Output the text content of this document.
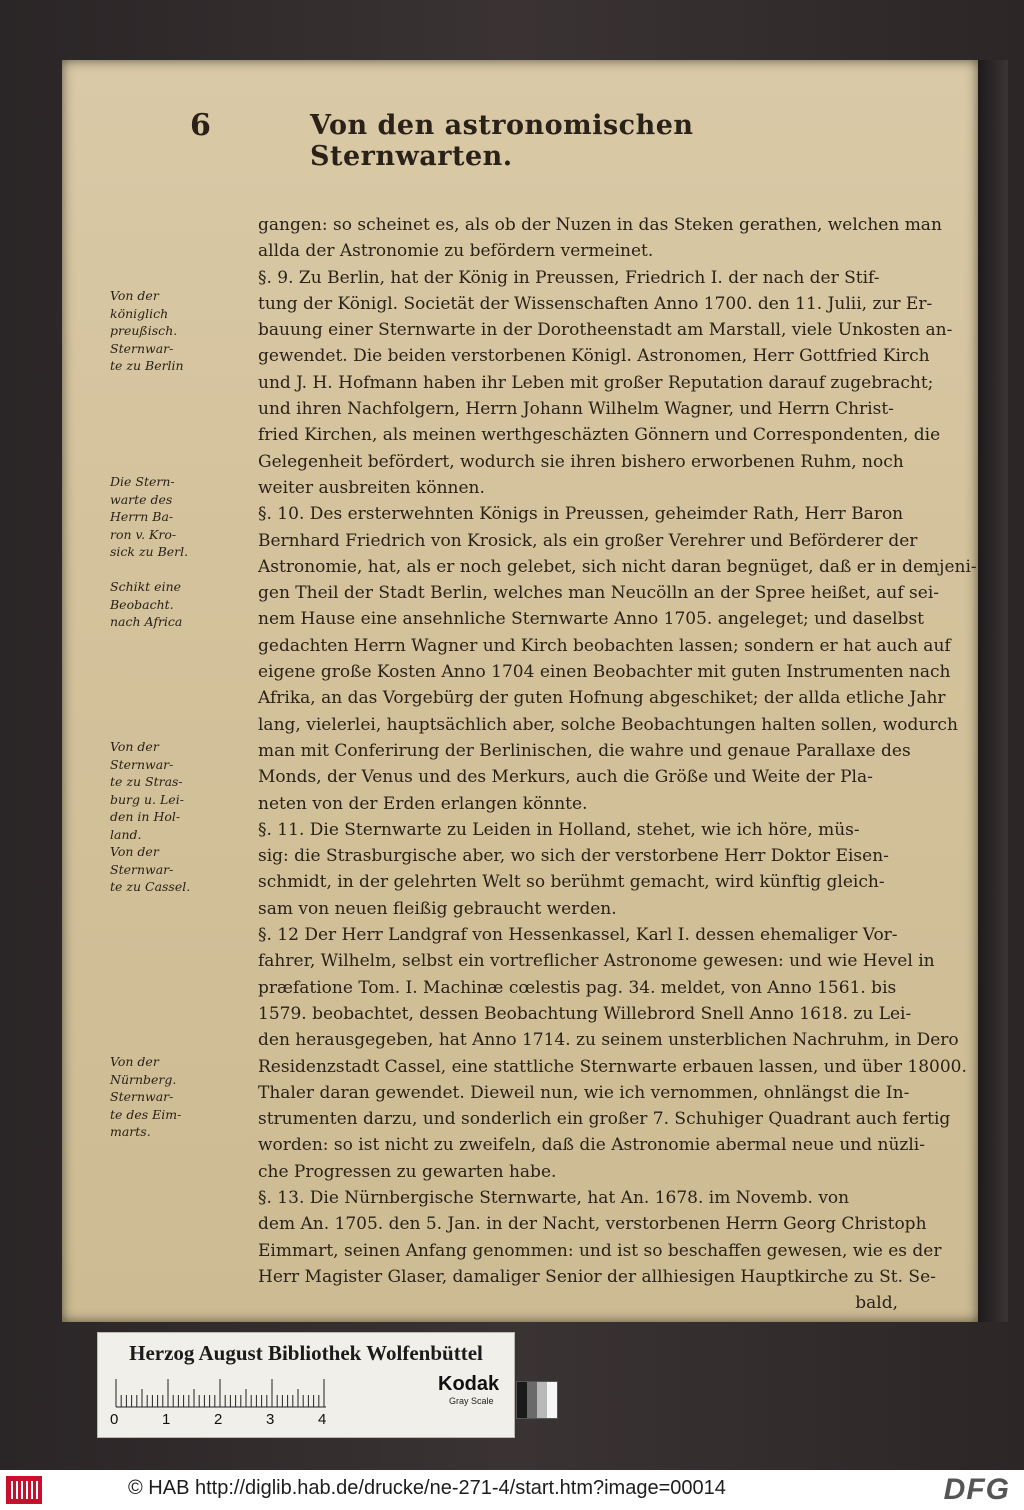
6	Von den astronomischen Sternwarten.
gangen: so scheinet es, als ob der Nuzen in das Steken gerathen, welchen man
allda der Astronomie zu befördern vermeinet.
§. 9. Zu Berlin, hat der König in Preussen, Friedrich I. der nach der Stif-
tung der Königl. Societät der Wissenschaften Anno 1700. den 11. Julii, zur Er-
bauung einer Sternwarte in der Dorotheenstadt am Marstall, viele Unkosten an-
gewendet. Die beiden verstorbenen Königl. Astronomen, Herr Gottfried Kirch
und J. H. Hofmann haben ihr Leben mit großer Reputation darauf zugebracht;
und ihren Nachfolgern, Herrn Johann Wilhelm Wagner, und Herrn Christ-
fried Kirchen, als meinen werthgeschäzten Gönnern und Correspondenten, die
Gelegenheit befördert, wodurch sie ihren bishero erworbenen Ruhm, noch
weiter ausbreiten können.
§. 10. Des ersterwehnten Königs in Preussen, geheimder Rath, Herr Baron
Bernhard Friedrich von Krosick, als ein großer Verehrer und Beförderer der
Astronomie, hat, als er noch gelebet, sich nicht daran begnüget, daß er in demjeni-
gen Theil der Stadt Berlin, welches man Neucölln an der Spree heißet, auf sei-
nem Hause eine ansehnliche Sternwarte Anno 1705. angeleget; und daselbst
gedachten Herrn Wagner und Kirch beobachten lassen; sondern er hat auch auf
eigene große Kosten Anno 1704 einen Beobachter mit guten Instrumenten nach
Afrika, an das Vorgebürg der guten Hofnung abgeschiket; der allda etliche Jahr
lang, vielerlei, hauptsächlich aber, solche Beobachtungen halten sollen, wodurch
man mit Conferirung der Berlinischen, die wahre und genaue Parallaxe des
Monds, der Venus und des Merkurs, auch die Größe und Weite der Pla-
neten von der Erden erlangen könnte.
§. 11. Die Sternwarte zu Leiden in Holland, stehet, wie ich höre, müs-
sig: die Strasburgische aber, wo sich der verstorbene Herr Doktor Eisen-
schmidt, in der gelehrten Welt so berühmt gemacht, wird künftig gleich-
sam von neuen fleißig gebraucht werden.
§. 12 Der Herr Landgraf von Hessenkassel, Karl I. dessen ehemaliger Vor-
fahrer, Wilhelm, selbst ein vortreflicher Astronome gewesen: und wie Hevel in
præfatione Tom. I. Machinæ cœlestis pag. 34. meldet, von Anno 1561. bis
1579. beobachtet, dessen Beobachtung Willebrord Snell Anno 1618. zu Lei-
den herausgegeben, hat Anno 1714. zu seinem unsterblichen Nachruhm, in Dero
Residenzstadt Cassel, eine stattliche Sternwarte erbauen lassen, und über 18000.
Thaler daran gewendet. Dieweil nun, wie ich vernommen, ohnlängst die In-
strumenten darzu, und sonderlich ein großer 7. Schuhiger Quadrant auch fertig
worden: so ist nicht zu zweifeln, daß die Astronomie abermal neue und nüzli-
che Progressen zu gewarten habe.
§. 13. Die Nürnbergische Sternwarte, hat An. 1678. im Novemb. von
dem An. 1705. den 5. Jan. in der Nacht, verstorbenen Herrn Georg Christoph
Eimmart, seinen Anfang genommen: und ist so beschaffen gewesen, wie es der
Herr Magister Glaser, damaliger Senior der allhiesigen Hauptkirche zu St. Se-
bald,
Von der
königlich
preußisch.
Sternwar-
te zu Berlin
Die Stern-
warte des
Herrn Ba-
ron v. Kro-
sick zu Berl.
Schikt eine
Beobacht.
nach Africa
Von der
Sternwar-
te zu Stras-
burg u. Lei-
den in Hol-
land.
Von der
Sternwar-
te zu Cassel.
Von der
Nürnberg.
Sternwar-
te des Eim-
marts.
Herzog August Bibliothek Wolfenbüttel
0	1	2	3	4
Kodak
Gray Scale
© HAB http://diglib.hab.de/drucke/ne-271-4/start.htm?image=00014	DFG
